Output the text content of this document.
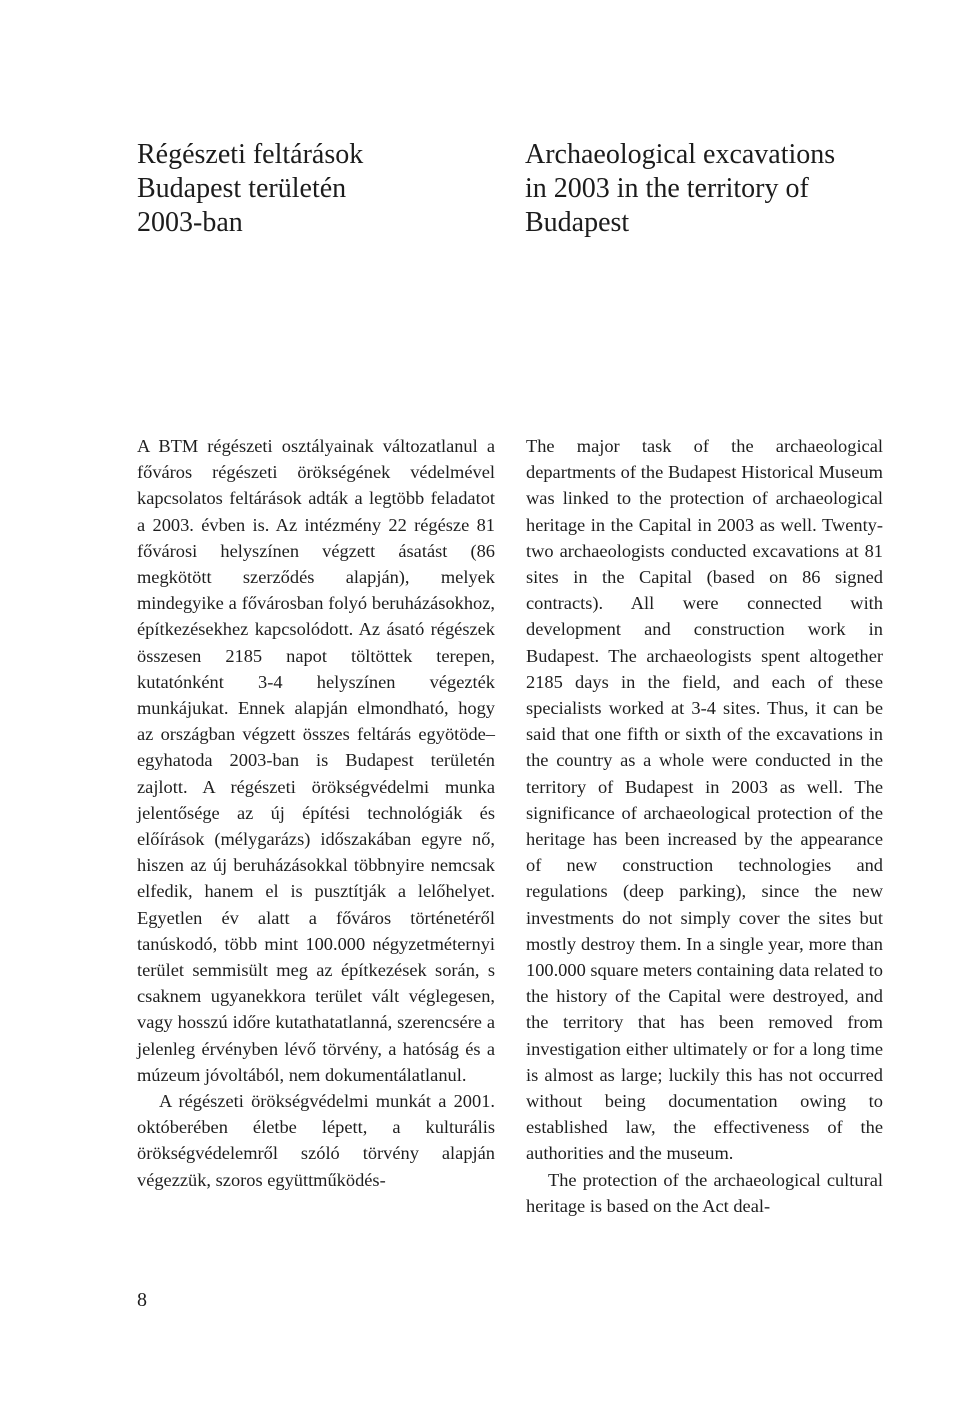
Régészeti feltárások
Budapest területén
2003-ban
Archaeological excavations
in 2003 in the territory of
Budapest

A BTM régészeti osztályainak változatlanul a főváros régészeti örökségének védelmével kapcsolatos feltárások adták a legtöbb feladatot a 2003. évben is. Az intézmény 22 régésze 81 fővárosi helyszínen végzett ásatást (86 megkötött szerződés alapján), melyek mindegyike a fővárosban folyó beruházásokhoz, építkezésekhez kapcsolódott. Az ásató régészek összesen 2185 napot töltöttek terepen, kutatónként 3-4 helyszínen végezték munkájukat. Ennek alapján elmondható, hogy az országban végzett összes feltárás egyötöde–egyhatoda 2003-ban is Budapest területén zajlott. A régészeti örökségvédelmi munka jelentősége az új építési technológiák és előírások (mélygarázs) időszakában egyre nő, hiszen az új beruházásokkal többnyire nemcsak elfedik, hanem el is pusztítják a lelőhelyet. Egyetlen év alatt a főváros történetéről tanúskodó, több mint 100.000 négyzetméternyi terület semmisült meg az építkezések során, s csaknem ugyanekkora terület vált véglegesen, vagy hosszú időre kutathatatlanná, szerencsére a jelenleg érvényben lévő törvény, a hatóság és a múzeum jóvoltából, nem dokumentálatlanul.

A régészeti örökségvédelmi munkát a 2001. októberében életbe lépett, a kulturális örökségvédelemről szóló törvény alapján végezzük, szoros együttműködés-

The major task of the archaeological departments of the Budapest Historical Museum was linked to the protection of archaeological heritage in the Capital in 2003 as well. Twenty-two archaeologists conducted excavations at 81 sites in the Capital (based on 86 signed contracts). All were connected with development and construction work in Budapest. The archaeologists spent altogether 2185 days in the field, and each of these specialists worked at 3-4 sites. Thus, it can be said that one fifth or sixth of the excavations in the country as a whole were conducted in the territory of Budapest in 2003 as well. The significance of archaeological protection of the heritage has been increased by the appearance of new construction technologies and regulations (deep parking), since the new investments do not simply cover the sites but mostly destroy them. In a single year, more than 100.000 square meters containing data related to the history of the Capital were destroyed, and the territory that has been removed from investigation either ultimately or for a long time is almost as large; luckily this has not occurred without being documentation owing to established law, the effectiveness of the authorities and the museum.

The protection of the archaeological cultural heritage is based on the Act deal-

8
